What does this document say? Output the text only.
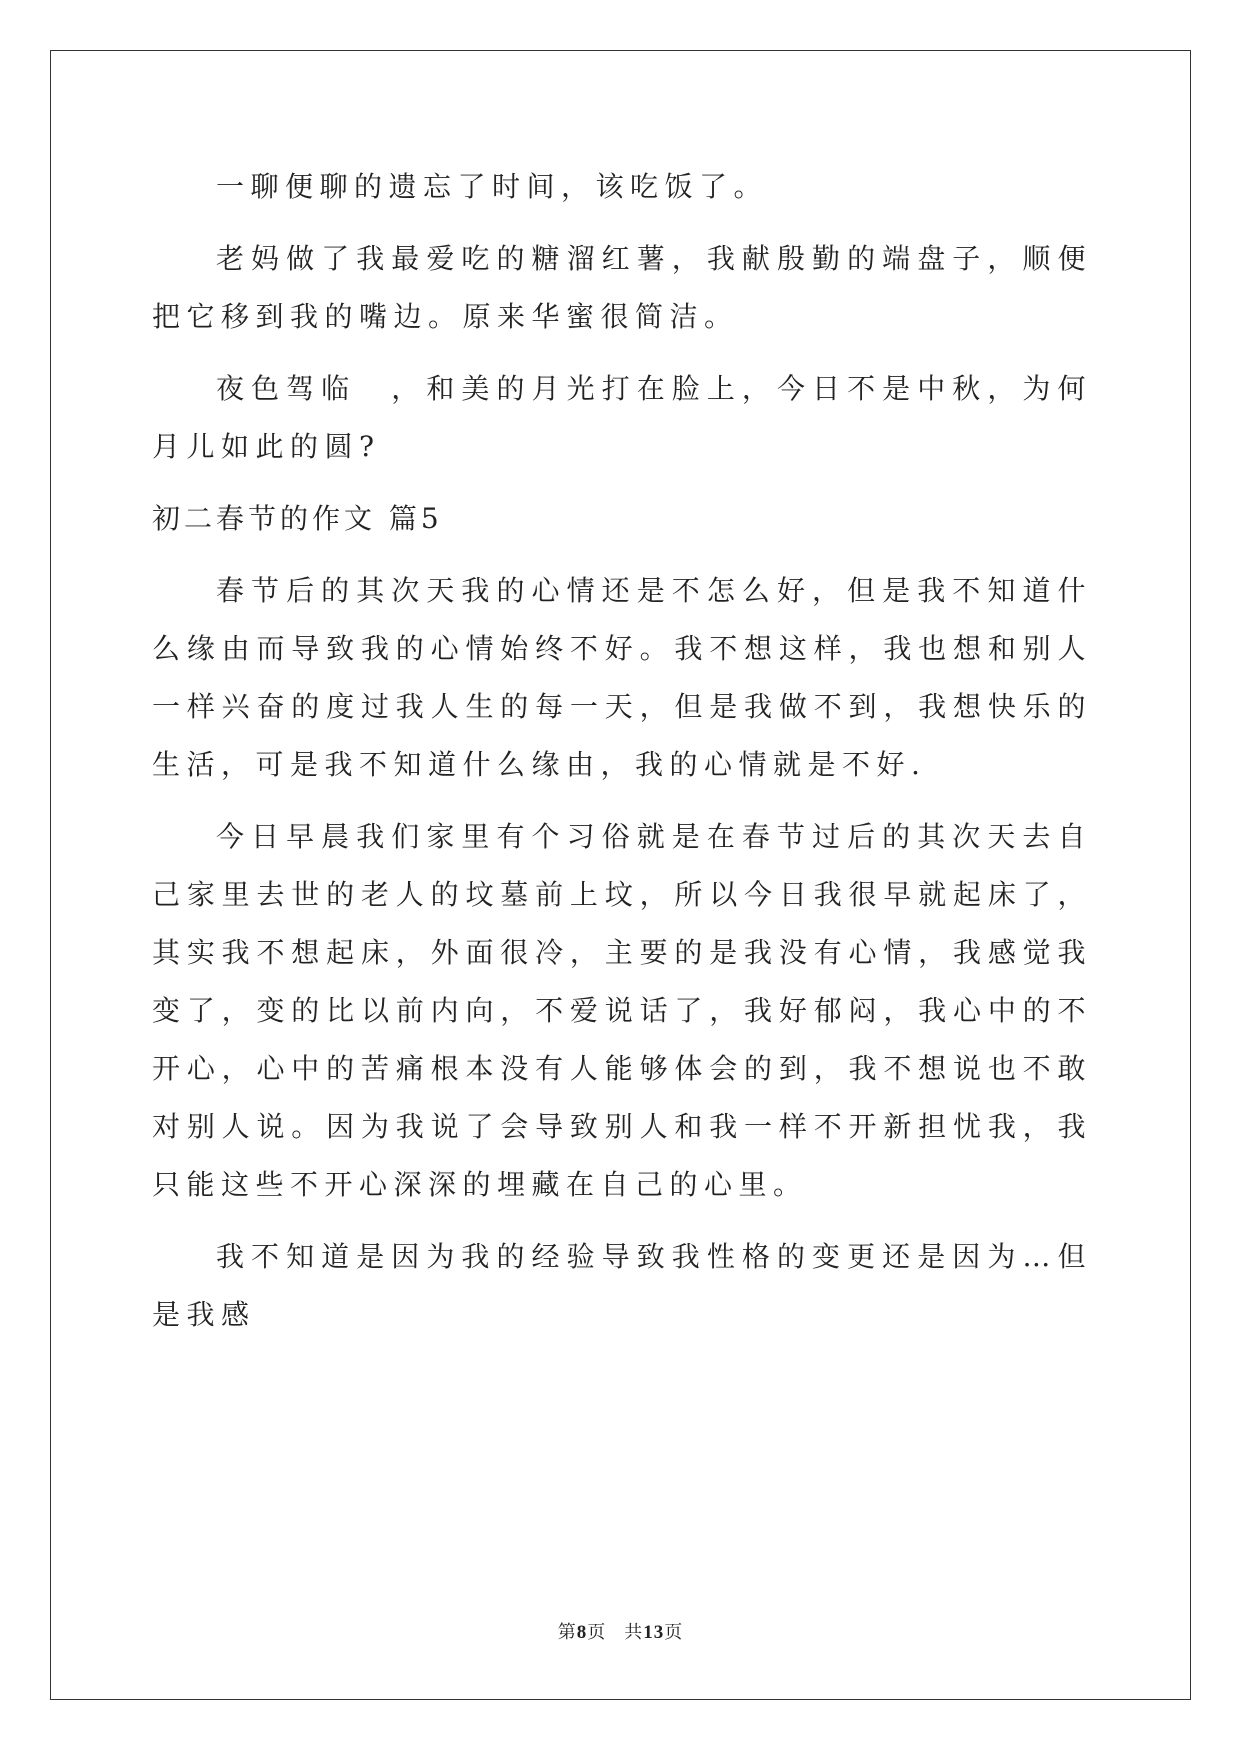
一聊便聊的遗忘了时间，该吃饭了。

老妈做了我最爱吃的糖溜红薯，我献殷勤的端盘子，顺便把它移到我的嘴边。原来华蜜很简洁。

夜色驾临　，和美的月光打在脸上，今日不是中秋，为何月儿如此的圆?

初二春节的作文 篇5

春节后的其次天我的心情还是不怎么好，但是我不知道什么缘由而导致我的心情始终不好。我不想这样，我也想和别人一样兴奋的度过我人生的每一天，但是我做不到，我想快乐的生活，可是我不知道什么缘由，我的心情就是不好.

今日早晨我们家里有个习俗就是在春节过后的其次天去自己家里去世的老人的坟墓前上坟，所以今日我很早就起床了，其实我不想起床，外面很冷，主要的是我没有心情，我感觉我变了，变的比以前内向，不爱说话了，我好郁闷，我心中的不开心，心中的苦痛根本没有人能够体会的到，我不想说也不敢对别人说。因为我说了会导致别人和我一样不开新担忧我，我只能这些不开心深深的埋藏在自己的心里。

我不知道是因为我的经验导致我性格的变更还是因为…但是我感

第8页 共13页
